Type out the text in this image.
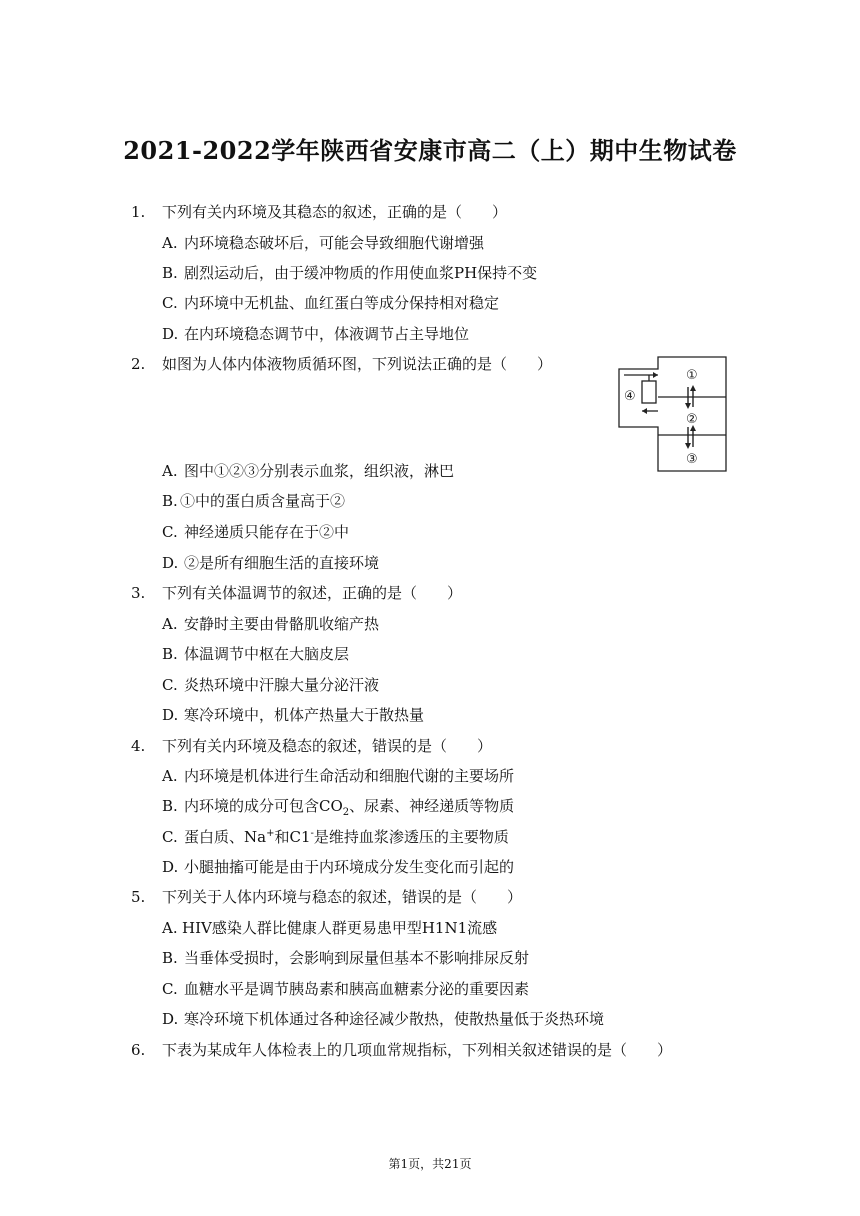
2021-2022学年陕西省安康市高二（上）期中生物试卷
1. 下列有关内环境及其稳态的叙述，正确的是（　　）
A. 内环境稳态破坏后，可能会导致细胞代谢增强
B. 剧烈运动后，由于缓冲物质的作用使血浆PH保持不变
C. 内环境中无机盐、血红蛋白等成分保持相对稳定
D. 在内环境稳态调节中，体液调节占主导地位
2. 如图为人体内体液物质循环图，下列说法正确的是（　　）
①
②
③
④
A. 图中①②③分别表示血浆，组织液，淋巴
B. ①中的蛋白质含量高于②
C. 神经递质只能存在于②中
D. ②是所有细胞生活的直接环境
3. 下列有关体温调节的叙述，正确的是（　　）
A. 安静时主要由骨骼肌收缩产热
B. 体温调节中枢在大脑皮层
C. 炎热环境中汗腺大量分泌汗液
D. 寒冷环境中，机体产热量大于散热量
4. 下列有关内环境及稳态的叙述，错误的是（　　）
A. 内环境是机体进行生命活动和细胞代谢的主要场所
B. 内环境的成分可包含$CO_2$、尿素、神经递质等物质
C. 蛋白质、Na+和C1-是维持血浆渗透压的主要物质
D. 小腿抽搐可能是由于内环境成分发生变化而引起的
5. 下列关于人体内环境与稳态的叙述，错误的是（　　）
A. HIV感染人群比健康人群更易患甲型H1N1流感
B. 当垂体受损时，会影响到尿量但基本不影响排尿反射
C. 血糖水平是调节胰岛素和胰高血糖素分泌的重要因素
D. 寒冷环境下机体通过各种途径减少散热，使散热量低于炎热环境
6. 下表为某成年人体检表上的几项血常规指标，下列相关叙述错误的是（　　）
第1页，共21页
